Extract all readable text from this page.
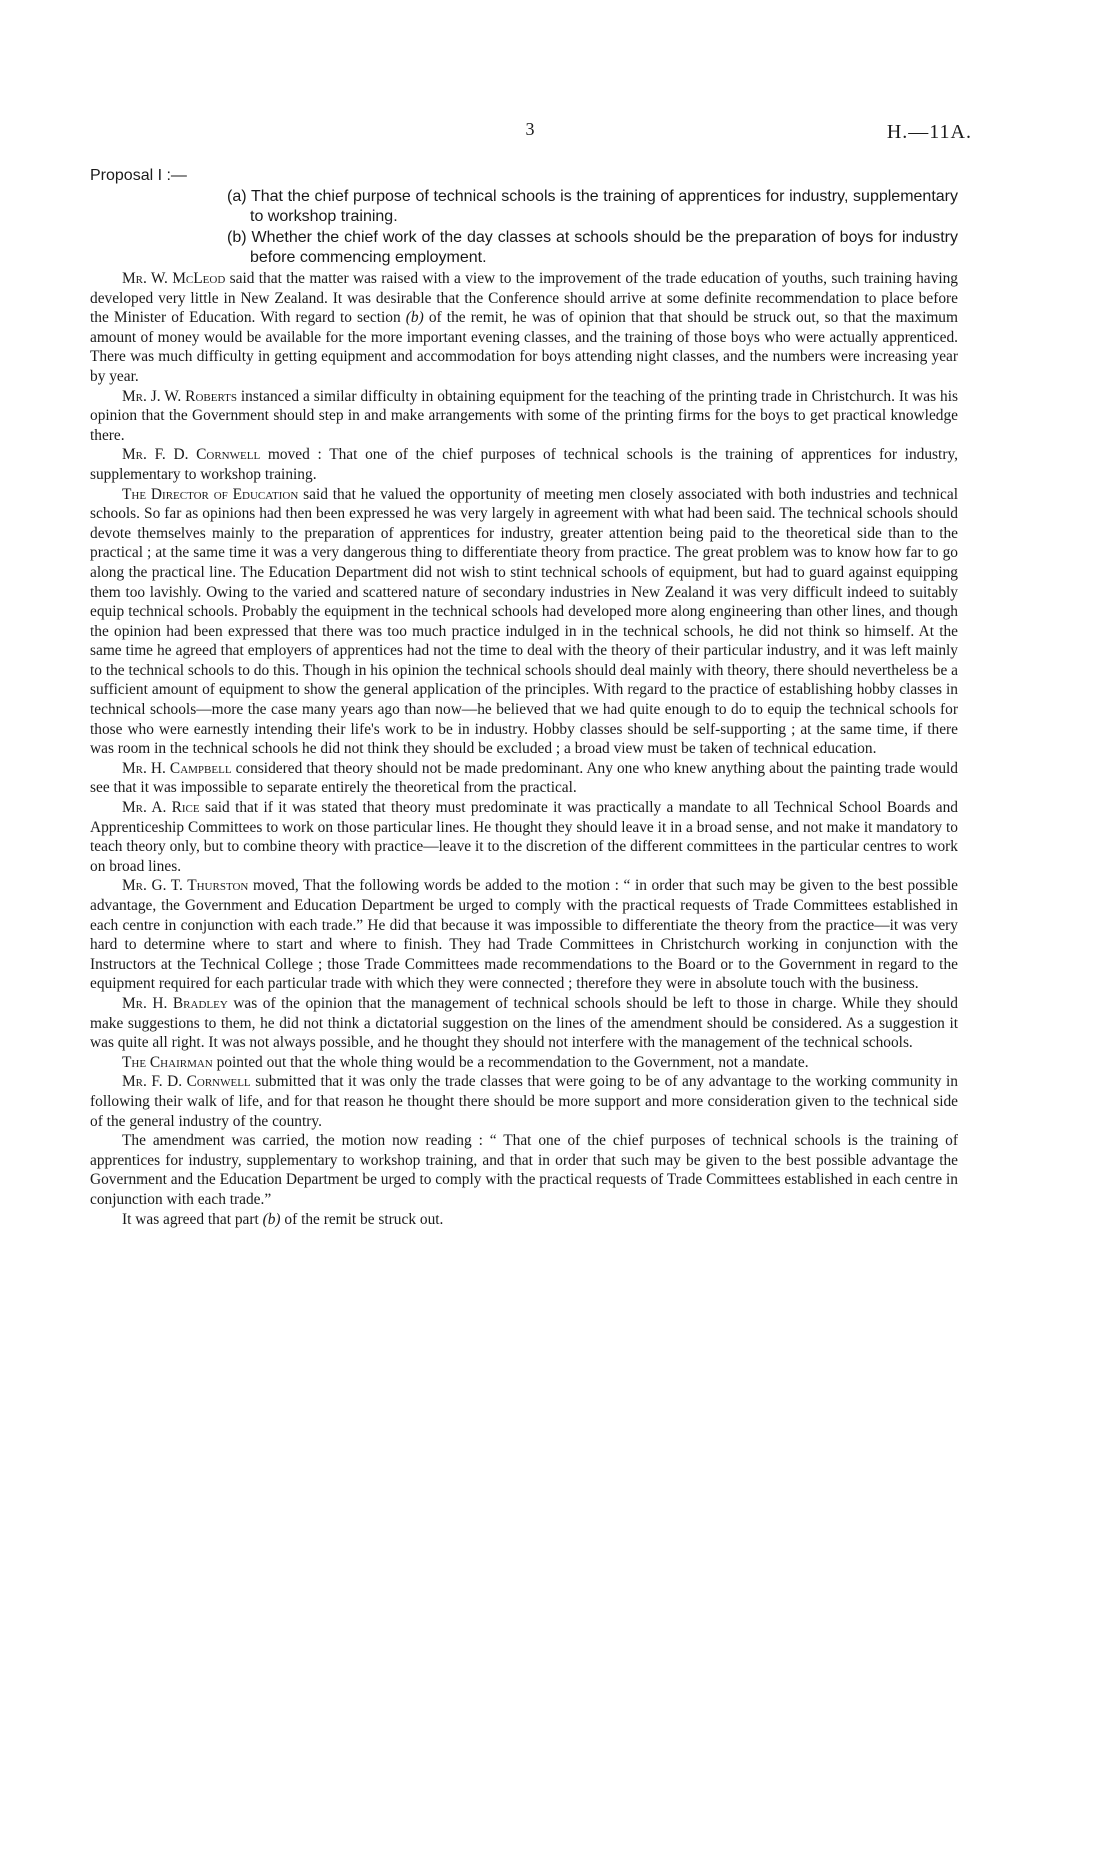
3	H.—11A.

Proposal I :—

(a) That the chief purpose of technical schools is the training of apprentices for industry, supplementary to workshop training.

(b) Whether the chief work of the day classes at schools should be the preparation of boys for industry before commencing employment.

Mr. W. McLeod said that the matter was raised with a view to the improvement of the trade education of youths, such training having developed very little in New Zealand. It was desirable that the Conference should arrive at some definite recommendation to place before the Minister of Education. With regard to section (b) of the remit, he was of opinion that that should be struck out, so that the maximum amount of money would be available for the more important evening classes, and the training of those boys who were actually apprenticed. There was much difficulty in getting equipment and accommodation for boys attending night classes, and the numbers were increasing year by year.

Mr. J. W. Roberts instanced a similar difficulty in obtaining equipment for the teaching of the printing trade in Christchurch. It was his opinion that the Government should step in and make arrangements with some of the printing firms for the boys to get practical knowledge there.

Mr. F. D. Cornwell moved : That one of the chief purposes of technical schools is the training of apprentices for industry, supplementary to workshop training.

The Director of Education said that he valued the opportunity of meeting men closely associated with both industries and technical schools. So far as opinions had then been expressed he was very largely in agreement with what had been said. The technical schools should devote themselves mainly to the preparation of apprentices for industry, greater attention being paid to the theoretical side than to the practical ; at the same time it was a very dangerous thing to differentiate theory from practice. The great problem was to know how far to go along the practical line. The Education Department did not wish to stint technical schools of equipment, but had to guard against equipping them too lavishly. Owing to the varied and scattered nature of secondary industries in New Zealand it was very difficult indeed to suitably equip technical schools. Probably the equipment in the technical schools had developed more along engineering than other lines, and though the opinion had been expressed that there was too much practice indulged in in the technical schools, he did not think so himself. At the same time he agreed that employers of apprentices had not the time to deal with the theory of their particular industry, and it was left mainly to the technical schools to do this. Though in his opinion the technical schools should deal mainly with theory, there should nevertheless be a sufficient amount of equipment to show the general application of the principles. With regard to the practice of establishing hobby classes in technical schools—more the case many years ago than now—he believed that we had quite enough to do to equip the technical schools for those who were earnestly intending their life's work to be in industry. Hobby classes should be self-supporting ; at the same time, if there was room in the technical schools he did not think they should be excluded ; a broad view must be taken of technical education.

Mr. H. Campbell considered that theory should not be made predominant. Any one who knew anything about the painting trade would see that it was impossible to separate entirely the theoretical from the practical.

Mr. A. Rice said that if it was stated that theory must predominate it was practically a mandate to all Technical School Boards and Apprenticeship Committees to work on those particular lines. He thought they should leave it in a broad sense, and not make it mandatory to teach theory only, but to combine theory with practice—leave it to the discretion of the different committees in the particular centres to work on broad lines.

Mr. G. T. Thurston moved, That the following words be added to the motion : “ in order that such may be given to the best possible advantage, the Government and Education Department be urged to comply with the practical requests of Trade Committees established in each centre in conjunction with each trade.” He did that because it was impossible to differentiate the theory from the practice—it was very hard to determine where to start and where to finish. They had Trade Committees in Christchurch working in conjunction with the Instructors at the Technical College ; those Trade Committees made recommendations to the Board or to the Government in regard to the equipment required for each particular trade with which they were connected ; therefore they were in absolute touch with the business.

Mr. H. Bradley was of the opinion that the management of technical schools should be left to those in charge. While they should make suggestions to them, he did not think a dictatorial suggestion on the lines of the amendment should be considered. As a suggestion it was quite all right. It was not always possible, and he thought they should not interfere with the management of the technical schools.

The Chairman pointed out that the whole thing would be a recommendation to the Government, not a mandate.

Mr. F. D. Cornwell submitted that it was only the trade classes that were going to be of any advantage to the working community in following their walk of life, and for that reason he thought there should be more support and more consideration given to the technical side of the general industry of the country.

The amendment was carried, the motion now reading : “ That one of the chief purposes of technical schools is the training of apprentices for industry, supplementary to workshop training, and that in order that such may be given to the best possible advantage the Government and the Education Department be urged to comply with the practical requests of Trade Committees established in each centre in conjunction with each trade.”

It was agreed that part (b) of the remit be struck out.
